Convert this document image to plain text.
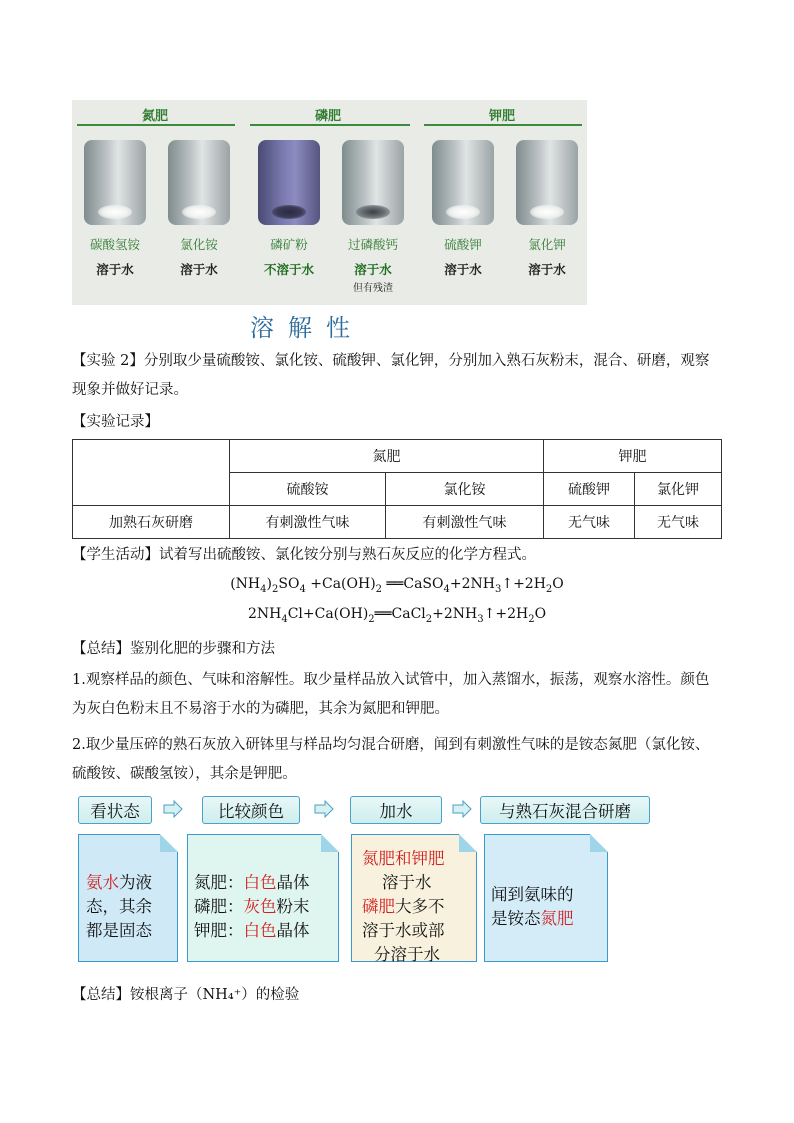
氮肥	磷肥	钾肥
碳酸氢铵	氯化铵	磷矿粉	过磷酸钙	硫酸钾	氯化钾
溶于水	溶于水	不溶于水	溶于水
但有残渣
溶于水	溶于水
溶解性
【实验 2】分别取少量硫酸铵、氯化铵、硫酸钾、氯化钾，分别加入熟石灰粉末，混合、研磨，观察现象并做好记录。
【实验记录】
	氮肥		钾肥	
	硫酸铵	氯化铵	硫酸钾	氯化钾
加熟石灰研磨	有刺激性气味	有刺激性气味	无气味	无气味
【学生活动】试着写出硫酸铵、氯化铵分别与熟石灰反应的化学方程式。
$(NH_4)_2SO_4 +Ca(OH)_2$ $══CaSO_4+2NH_3↑+2H_2O$
$2NH_4Cl+Ca(OH)_2══CaCl_2+2NH_3↑+2H_2O$
【总结】鉴别化肥的步骤和方法
1.观察样品的颜色、气味和溶解性。取少量样品放入试管中，加入蒸馏水，振荡，观察水溶性。颜色为灰白色粉末且不易溶于水的为磷肥，其余为氮肥和钾肥。
2.取少量压碎的熟石灰放入研钵里与样品均匀混合研磨，闻到有刺激性气味的是铵态氮肥（氯化铵、硫酸铵、碳酸氢铵），其余是钾肥。
看状态	比较颜色	加水	与熟石灰混合研磨
氨水为液
态，其余
都是固态
氮肥：白色晶体
磷肥：灰色粉末
钾肥：白色晶体
氮肥和钾肥
溶于水
磷肥大多不
溶于水或部
分溶于水
闻到氨味的
是铵态氮肥
【总结】铵根离子（NH₄⁺）的检验
